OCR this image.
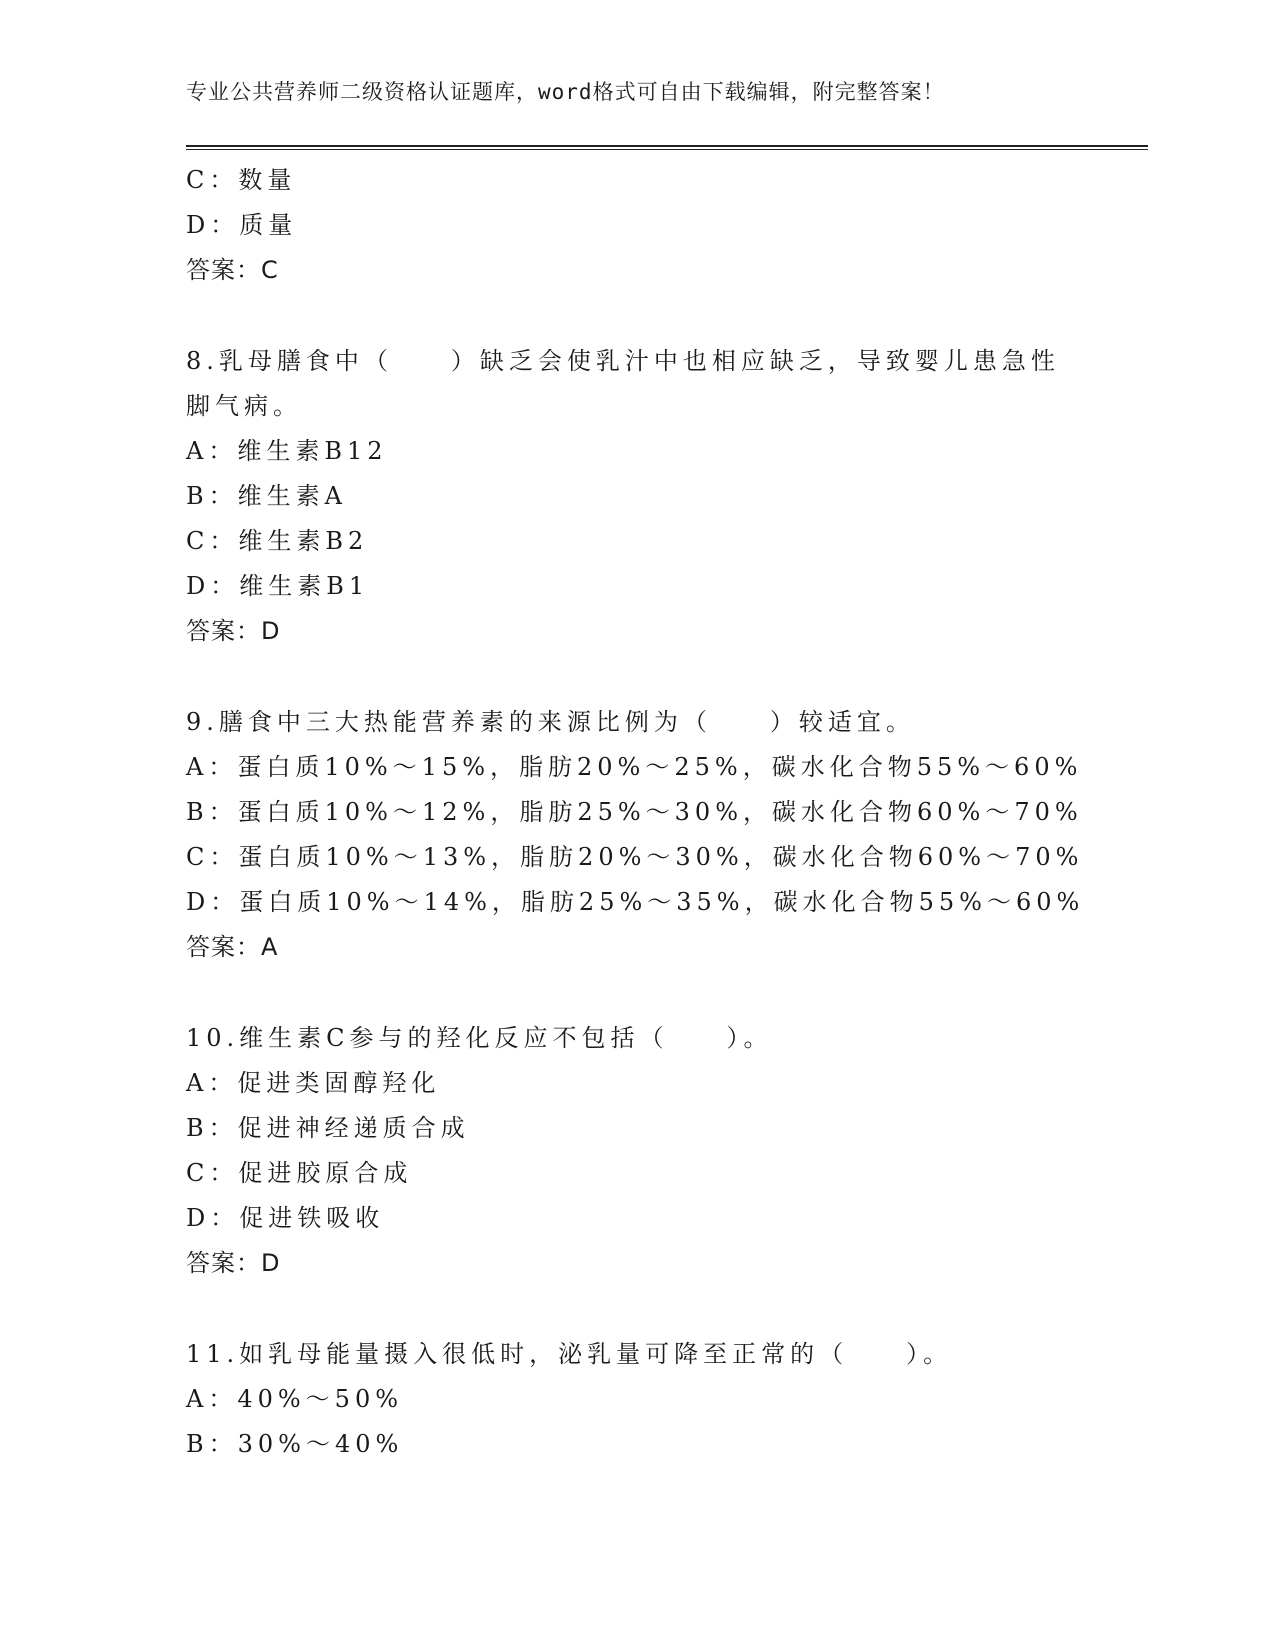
专业公共营养师二级资格认证题库，word格式可自由下载编辑，附完整答案！
C：数量
D：质量
答案：C
8.乳母膳食中（　　）缺乏会使乳汁中也相应缺乏，导致婴儿患急性
脚气病。
A：维生素B12
B：维生素A
C：维生素B2
D：维生素B1
答案：D
9.膳食中三大热能营养素的来源比例为（　　）较适宜。
A：蛋白质10%～15%，脂肪20%～25%，碳水化合物55%～60%
B：蛋白质10%～12%，脂肪25%～30%，碳水化合物60%～70%
C：蛋白质10%～13%，脂肪20%～30%，碳水化合物60%～70%
D：蛋白质10%～14%，脂肪25%～35%，碳水化合物55%～60%
答案：A
10.维生素C参与的羟化反应不包括（　　）。
A：促进类固醇羟化
B：促进神经递质合成
C：促进胶原合成
D：促进铁吸收
答案：D
11.如乳母能量摄入很低时，泌乳量可降至正常的（　　）。
A：40%～50%
B：30%～40%
